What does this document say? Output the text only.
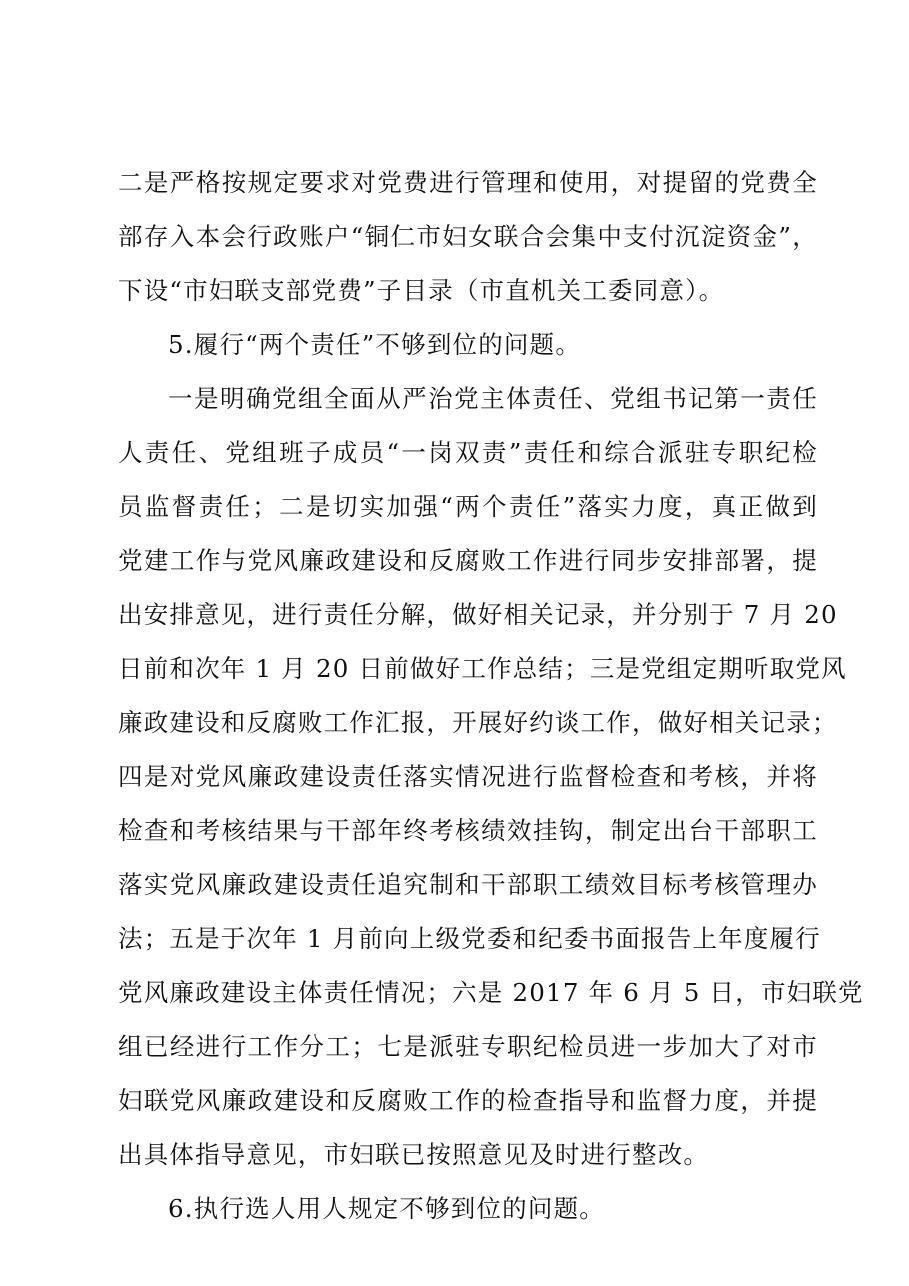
二是严格按规定要求对党费进行管理和使用，对提留的党费全
部存入本会行政账户“铜仁市妇女联合会集中支付沉淀资金”，
下设“市妇联支部党费”子目录（市直机关工委同意）。
5.履行“两个责任”不够到位的问题。
一是明确党组全面从严治党主体责任、党组书记第一责任
人责任、党组班子成员“一岗双责”责任和综合派驻专职纪检
员监督责任；二是切实加强“两个责任”落实力度，真正做到
党建工作与党风廉政建设和反腐败工作进行同步安排部署，提
出安排意见，进行责任分解，做好相关记录，并分别于 7 月 20
日前和次年 1 月 20 日前做好工作总结；三是党组定期听取党风
廉政建设和反腐败工作汇报，开展好约谈工作，做好相关记录；
四是对党风廉政建设责任落实情况进行监督检查和考核，并将
检查和考核结果与干部年终考核绩效挂钩，制定出台干部职工
落实党风廉政建设责任追究制和干部职工绩效目标考核管理办
法；五是于次年 1 月前向上级党委和纪委书面报告上年度履行
党风廉政建设主体责任情况；六是 2017 年 6 月 5 日，市妇联党
组已经进行工作分工；七是派驻专职纪检员进一步加大了对市
妇联党风廉政建设和反腐败工作的检查指导和监督力度，并提
出具体指导意见，市妇联已按照意见及时进行整改。
6.执行选人用人规定不够到位的问题。
